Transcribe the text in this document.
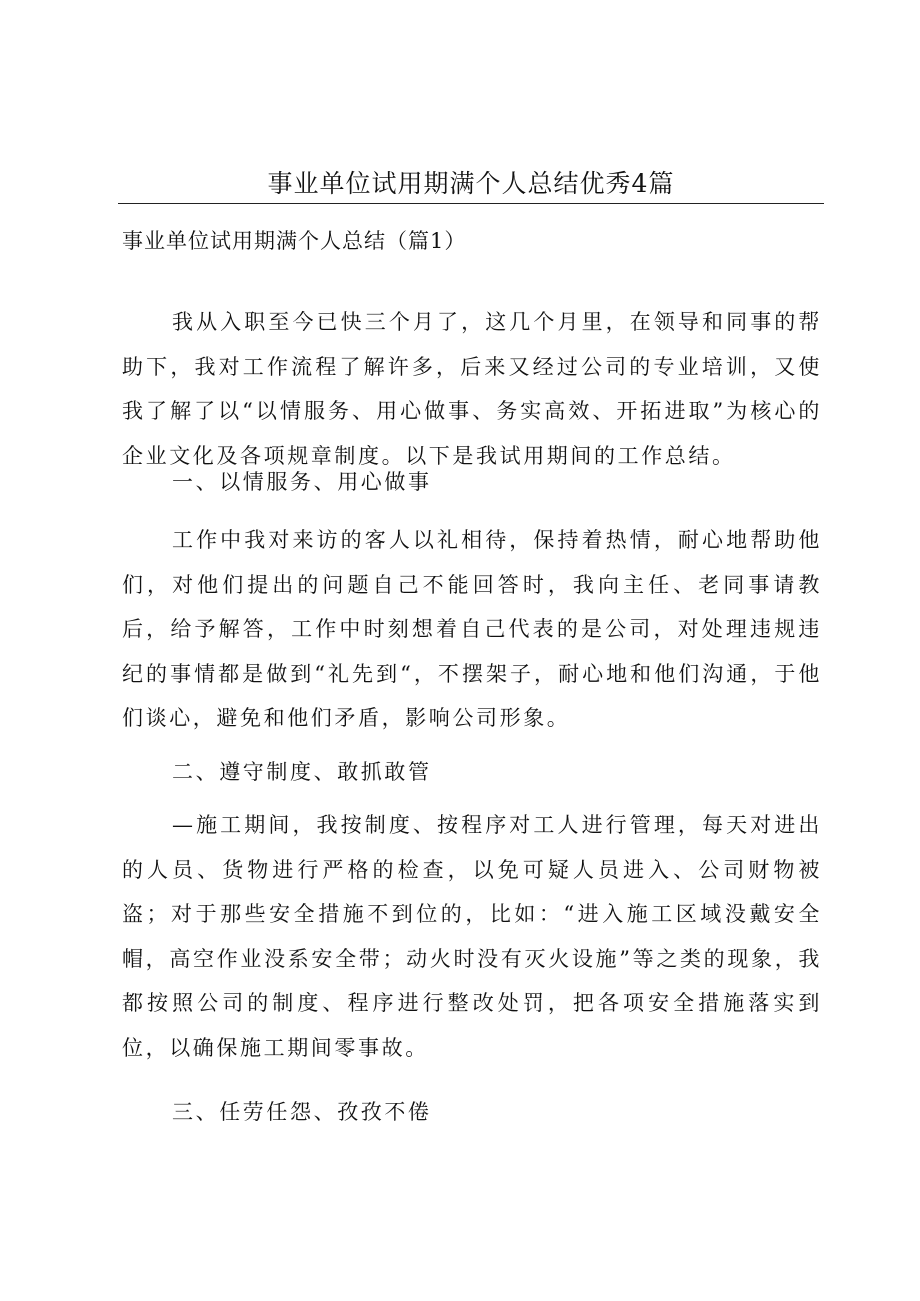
事业单位试用期满个人总结优秀4篇
事业单位试用期满个人总结（篇1）

我从入职至今已快三个月了，这几个月里，在领导和同事的帮助下，我对工作流程了解许多，后来又经过公司的专业培训，又使我了解了以“以情服务、用心做事、务实高效、开拓进取”为核心的企业文化及各项规章制度。以下是我试用期间的工作总结。

一、以情服务、用心做事

工作中我对来访的客人以礼相待，保持着热情，耐心地帮助他们，对他们提出的问题自己不能回答时，我向主任、老同事请教后，给予解答，工作中时刻想着自己代表的是公司，对处理违规违纪的事情都是做到“礼先到“，不摆架子，耐心地和他们沟通，于他们谈心，避免和他们矛盾，影响公司形象。

二、遵守制度、敢抓敢管

—施工期间，我按制度、按程序对工人进行管理，每天对进出的人员、货物进行严格的检查，以免可疑人员进入、公司财物被盗；对于那些安全措施不到位的，比如：“进入施工区域没戴安全帽，高空作业没系安全带；动火时没有灭火设施”等之类的现象，我都按照公司的制度、程序进行整改处罚，把各项安全措施落实到位，以确保施工期间零事故。

三、任劳任怨、孜孜不倦
